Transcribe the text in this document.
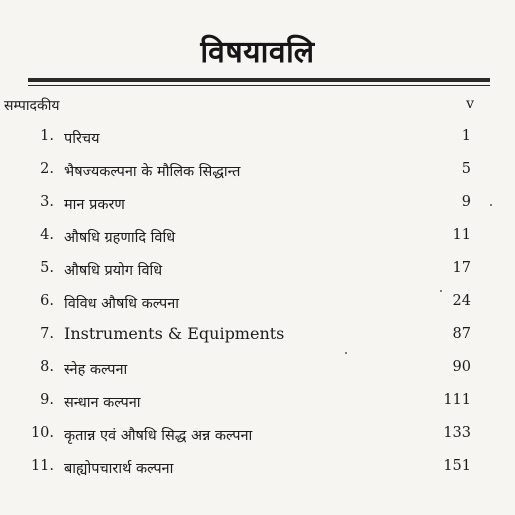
विषयावलि
सम्पादकीय	v
1. परिचय	1
2. भैषज्यकल्पना के मौलिक सिद्धान्त	5
3. मान प्रकरण	9
4. औषधि ग्रहणादि विधि	11
5. औषधि प्रयोग विधि	17
6. विविध औषधि कल्पना	24
7. Instruments & Equipments	87
8. स्नेह कल्पना	90
9. सन्धान कल्पना	111
10. कृतान्न एवं औषधि सिद्ध अन्न कल्पना	133
11. बाह्योपचारार्थ कल्पना	151
